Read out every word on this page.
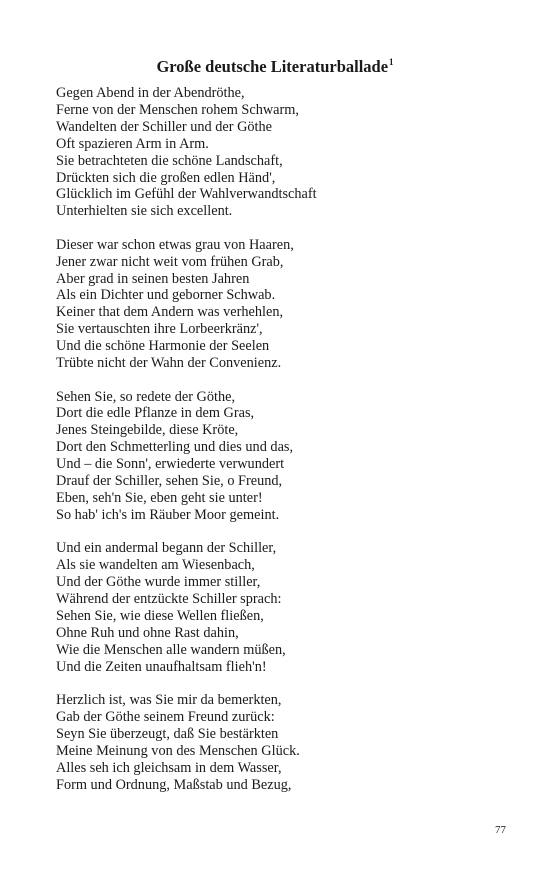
Große deutsche Literaturballade$^1$
Gegen Abend in der Abendröthe,
Ferne von der Menschen rohem Schwarm,
Wandelten der Schiller und der Göthe
Oft spazieren Arm in Arm.
Sie betrachteten die schöne Landschaft,
Drückten sich die großen edlen Händ',
Glücklich im Gefühl der Wahlverwandtschaft
Unterhielten sie sich excellent.
Dieser war schon etwas grau von Haaren,
Jener zwar nicht weit vom frühen Grab,
Aber grad in seinen besten Jahren
Als ein Dichter und geborner Schwab.
Keiner that dem Andern was verhehlen,
Sie vertauschten ihre Lorbeerkränz',
Und die schöne Harmonie der Seelen
Trübte nicht der Wahn der Convenienz.
Sehen Sie, so redete der Göthe,
Dort die edle Pflanze in dem Gras,
Jenes Steingebilde, diese Kröte,
Dort den Schmetterling und dies und das,
Und – die Sonn', erwiederte verwundert
Drauf der Schiller, sehen Sie, o Freund,
Eben, seh'n Sie, eben geht sie unter!
So hab' ich's im Räuber Moor gemeint.
Und ein andermal begann der Schiller,
Als sie wandelten am Wiesenbach,
Und der Göthe wurde immer stiller,
Während der entzückte Schiller sprach:
Sehen Sie, wie diese Wellen fließen,
Ohne Ruh und ohne Rast dahin,
Wie die Menschen alle wandern müßen,
Und die Zeiten unaufhaltsam flieh'n!
Herzlich ist, was Sie mir da bemerkten,
Gab der Göthe seinem Freund zurück:
Seyn Sie überzeugt, daß Sie bestärkten
Meine Meinung von des Menschen Glück.
Alles seh ich gleichsam in dem Wasser,
Form und Ordnung, Maßstab und Bezug,
77
